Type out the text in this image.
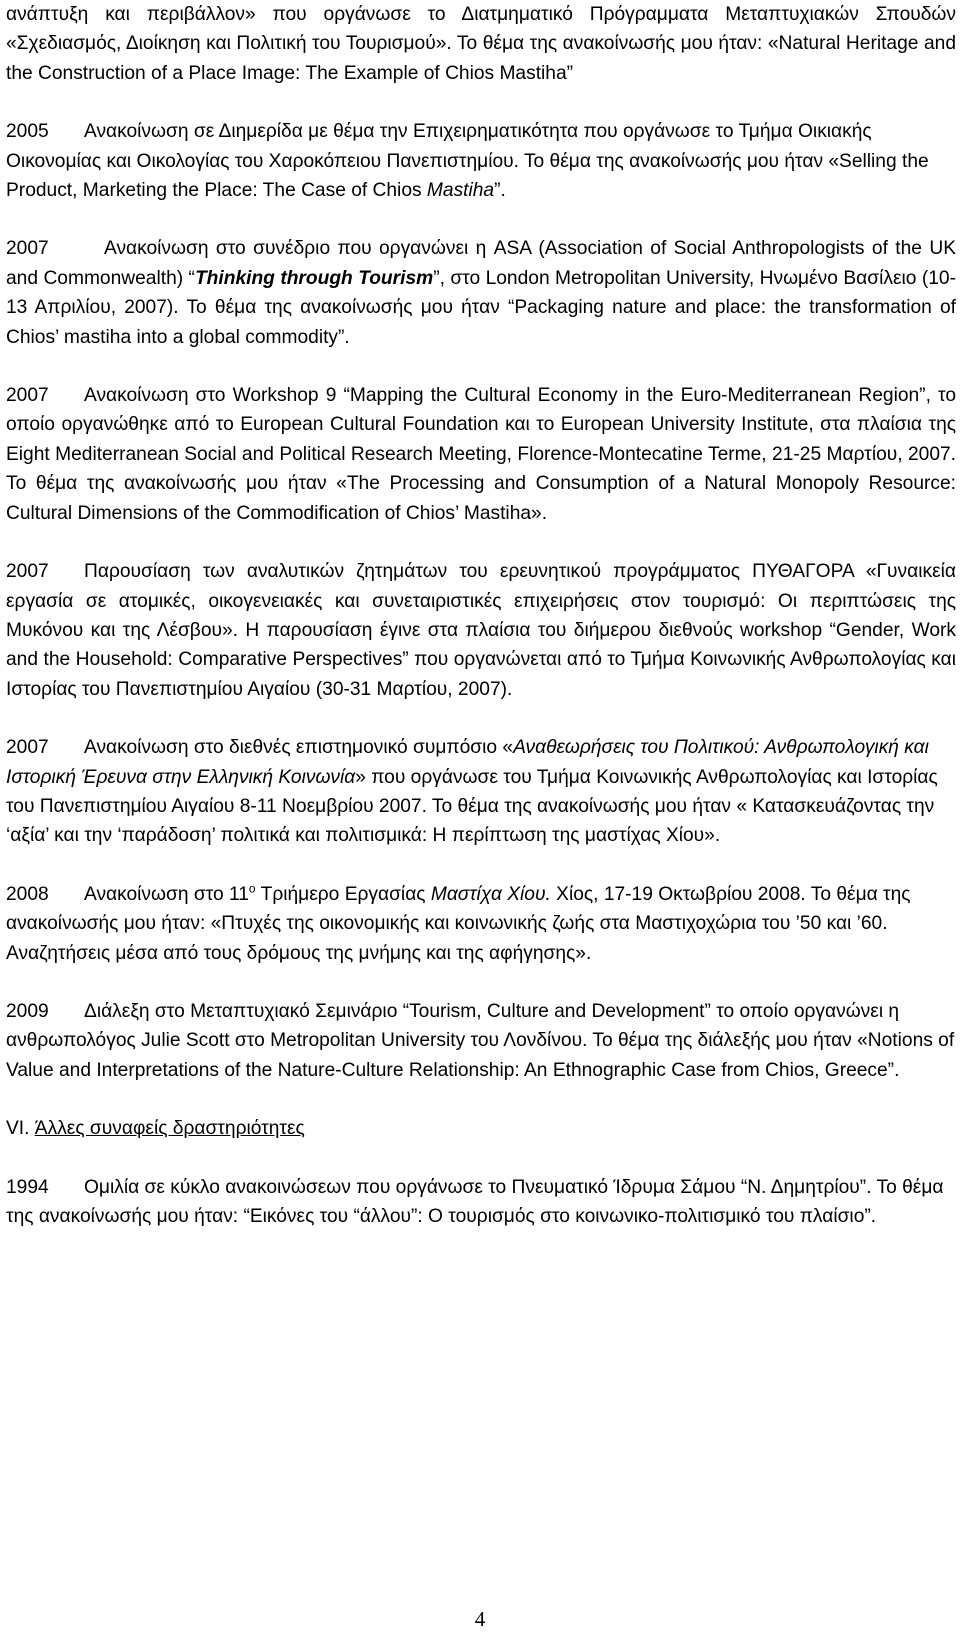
ανάπτυξη και περιβάλλον» που οργάνωσε το Διατμηματικό Πρόγραμματα Μεταπτυχιακών Σπουδών «Σχεδιασμός, Διοίκηση και Πολιτική του Τουρισμού». Το θέμα της ανακοίνωσής μου ήταν: «Natural Heritage and the Construction of a Place Image: The Example of Chios Mastiha”

2005 Ανακοίνωση σε Διημερίδα με θέμα την Επιχειρηματικότητα που οργάνωσε το Τμήμα Οικιακής Οικονομίας και Οικολογίας του Χαροκόπειου Πανεπιστημίου. Το θέμα της ανακοίνωσής μου ήταν «Selling the Product, Marketing the Place: The Case of Chios Mastiha”.

2007	Ανακοίνωση στο συνέδριο που οργανώνει η ASA (Association of Social Anthropologists of the UK and Commonwealth) “Thinking through Tourism”, στο London Metropolitan University, Ηνωμένο Βασίλειο (10-13 Απριλίου, 2007). Το θέμα της ανακοίνωσής μου ήταν “Packaging nature and place: the transformation of Chios’ mastiha into a global commodity”.

2007 Ανακοίνωση στο Workshop 9 “Mapping the Cultural Economy in the Euro-Mediterranean Region”, το οποίο οργανώθηκε από το European Cultural Foundation και το European University Institute, στα πλαίσια της Eight Mediterranean Social and Political Research Meeting, Florence-Montecatine Terme, 21-25 Μαρτίου, 2007. Το θέμα της ανακοίνωσής μου ήταν «The Processing and Consumption of a Natural Monopoly Resource: Cultural Dimensions of the Commodification of Chios’ Mastiha».

2007 Παρουσίαση των αναλυτικών ζητημάτων του ερευνητικού προγράμματος ΠΥΘΑΓΟΡΑ «Γυναικεία εργασία σε ατομικές, οικογενειακές και συνεταιριστικές επιχειρήσεις στον τουρισμό: Οι περιπτώσεις της Μυκόνου και της Λέσβου». Η παρουσίαση έγινε στα πλαίσια του διήμερου διεθνούς workshop “Gender, Work and the Household: Comparative Perspectives” που οργανώνεται από το Τμήμα Κοινωνικής Ανθρωπολογίας και Ιστορίας του Πανεπιστημίου Αιγαίου (30-31 Μαρτίου, 2007).

2007 Ανακοίνωση στο διεθνές επιστημονικό συμπόσιο «Αναθεωρήσεις του Πολιτικού: Ανθρωπολογική και Ιστορική Έρευνα στην Ελληνική Κοινωνία» που οργάνωσε του Τμήμα Κοινωνικής Ανθρωπολογίας και Ιστορίας του Πανεπιστημίου Αιγαίου 8-11 Νοεμβρίου 2007. Το θέμα της ανακοίνωσής μου ήταν « Κατασκευάζοντας την ‘αξία’ και την ‘παράδοση’ πολιτικά και πολιτισμικά: Η περίπτωση της μαστίχας Χίου».

2008 Ανακοίνωση στο $11^o$ Τριήμερο Εργασίας Μαστίχα Χίου. Χίος, 17-19 Οκτωβρίου 2008. Το θέμα της ανακοίνωσής μου ήταν: «Πτυχές της οικονομικής και κοινωνικής ζωής στα Μαστιχοχώρια του ’50 και ’60. Αναζητήσεις μέσα από τους δρόμους της μνήμης και της αφήγησης».

2009 Διάλεξη στο Μεταπτυχιακό Σεμινάριο “Tourism, Culture and Development” το οποίο οργανώνει η ανθρωπολόγος Julie Scott στο Metropolitan University του Λονδίνου. Το θέμα της διάλεξής μου ήταν «Notions of Value and Interpretations of the Nature-Culture Relationship: An Ethnographic Case from Chios, Greece”.

VI. Άλλες συναφείς δραστηριότητες

1994 Ομιλία σε κύκλο ανακοινώσεων που οργάνωσε το Πνευματικό Ίδρυμα Σάμου “Ν. Δημητρίου”. Το θέμα της ανακοίνωσής μου ήταν: “Εικόνες του “άλλου”: Ο τουρισμός στο κοινωνικο-πολιτισμικό του πλαίσιο”.

4
